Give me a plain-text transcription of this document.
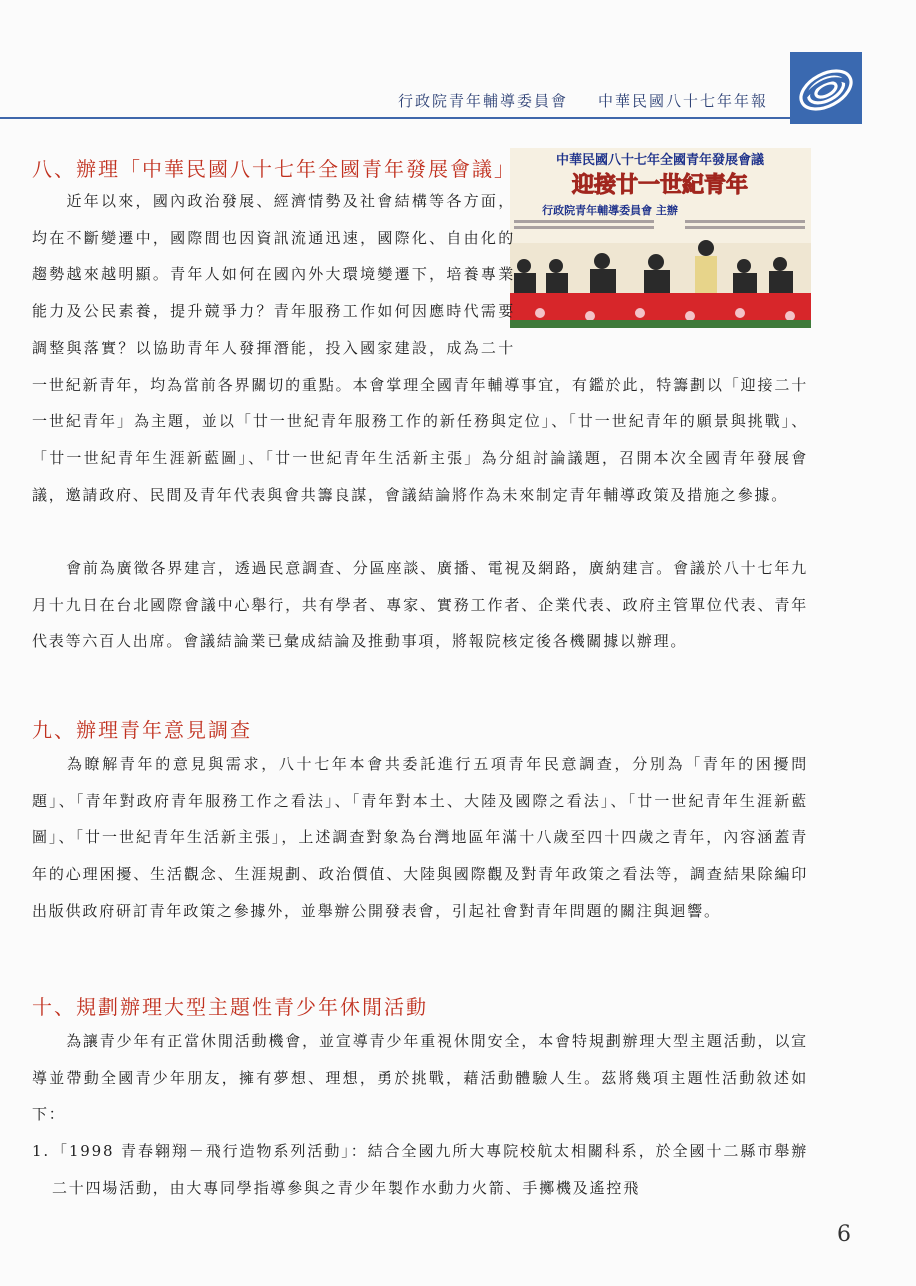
行政院青年輔導委員會 中華民國八十七年年報
中華民國八十七年全國青年發展會議
迎接廿一世紀青年
行政院青年輔導委員會 主辦
八、辦理「中華民國八十七年全國青年發展會議」
近年以來，國內政治發展、經濟情勢及社會結構等各方面，均在不斷變遷中，國際間也因資訊流通迅速，國際化、自由化的趨勢越來越明顯。青年人如何在國內外大環境變遷下，培養專業能力及公民素養，提升競爭力？青年服務工作如何因應時代需要調整與落實？以協助青年人發揮潛能，投入國家建設，成為二十一世紀新青年，均為當前各界關切的重點。本會掌理全國青年輔導事宜，有鑑於此，特籌劃以「迎接二十一世紀青年」為主題，並以「廿一世紀青年服務工作的新任務與定位」、「廿一世紀青年的願景與挑戰」、「廿一世紀青年生涯新藍圖」、「廿一世紀青年生活新主張」為分組討論議題，召開本次全國青年發展會議，邀請政府、民間及青年代表與會共籌良謀，會議結論將作為未來制定青年輔導政策及措施之參據。
會前為廣徵各界建言，透過民意調查、分區座談、廣播、電視及網路，廣納建言。會議於八十七年九月十九日在台北國際會議中心舉行，共有學者、專家、實務工作者、企業代表、政府主管單位代表、青年代表等六百人出席。會議結論業已彙成結論及推動事項，將報院核定後各機關據以辦理。
九、辦理青年意見調查
為瞭解青年的意見與需求，八十七年本會共委託進行五項青年民意調查，分別為「青年的困擾問題」、「青年對政府青年服務工作之看法」、「青年對本土、大陸及國際之看法」、「廿一世紀青年生涯新藍圖」、「廿一世紀青年生活新主張」，上述調查對象為台灣地區年滿十八歲至四十四歲之青年，內容涵蓋青年的心理困擾、生活觀念、生涯規劃、政治價值、大陸與國際觀及對青年政策之看法等，調查結果除編印出版供政府研訂青年政策之參據外，並舉辦公開發表會，引起社會對青年問題的關注與迴響。
十、規劃辦理大型主題性青少年休閒活動
為讓青少年有正當休閒活動機會，並宣導青少年重視休閒安全，本會特規劃辦理大型主題活動，以宣導並帶動全國青少年朋友，擁有夢想、理想，勇於挑戰，藉活動體驗人生。茲將幾項主題性活動敘述如下：
1. 「1998 青春翱翔－飛行造物系列活動」：結合全國九所大專院校航太相關科系，於全國十二縣市舉辦二十四場活動，由大專同學指導參與之青少年製作水動力火箭、手擲機及遙控飛
6
